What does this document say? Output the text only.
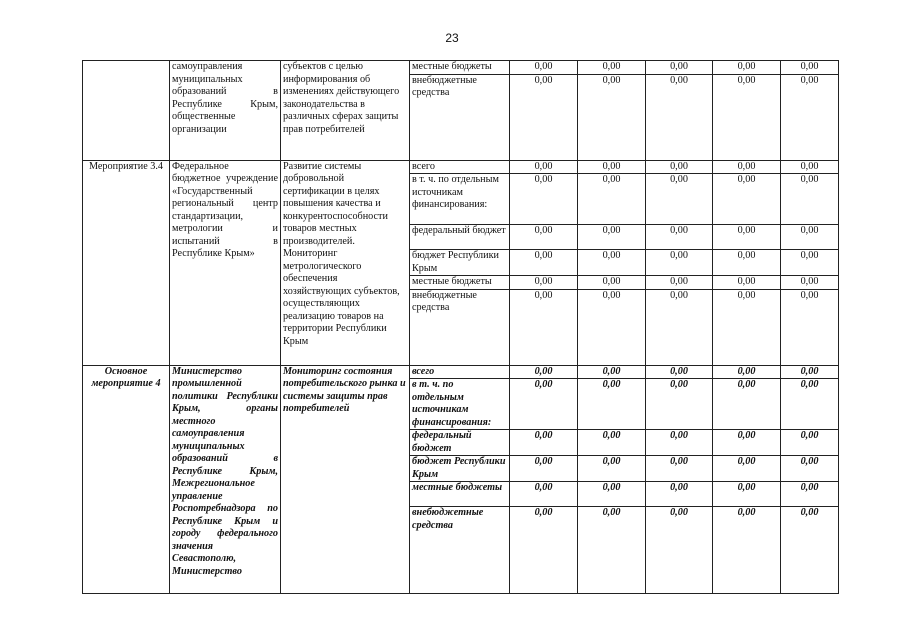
23
	самоуправления муниципальных образований в Республике Крым, общественные организации	субъектов с целью информирования об изменениях действующего законодательства в различных сферах защиты прав потребителей	местные бюджеты	0,00	0,00	0,00	0,00	0,00
			внебюджетные средства	0,00	0,00	0,00	0,00	0,00
Мероприятие 3.4	Федеральное бюджетное учреждение «Государственный региональный центр стандартизации, метрологии и испытаний в Республике Крым»	Развитие системы добровольной сертификации в целях повышения качества и конкурентоспособности товаров местных производителей. Мониторинг метрологического обеспечения хозяйствующих субъектов, осуществляющих реализацию товаров на территории Республики Крым	всего	0,00	0,00	0,00	0,00	0,00
			в т. ч. по отдельным источникам финансирования:	0,00	0,00	0,00	0,00	0,00
			федеральный бюджет	0,00	0,00	0,00	0,00	0,00
			бюджет Республики Крым	0,00	0,00	0,00	0,00	0,00
			местные бюджеты	0,00	0,00	0,00	0,00	0,00
			внебюджетные средства	0,00	0,00	0,00	0,00	0,00
Основное мероприятие 4	Министерство промышленной политики Республики Крым, органы местного самоуправления муниципальных образований в Республике Крым, Межрегиональное управление Роспотребнадзора по Республике Крым и городу федерального значения Севастополю, Министерство	Мониторинг состояния потребительского рынка и системы защиты прав потребителей	всего	0,00	0,00	0,00	0,00	0,00
			в т. ч. по отдельным источникам финансирования:	0,00	0,00	0,00	0,00	0,00
			федеральный бюджет	0,00	0,00	0,00	0,00	0,00
			бюджет Республики Крым	0,00	0,00	0,00	0,00	0,00
			местные бюджеты	0,00	0,00	0,00	0,00	0,00
			внебюджетные средства	0,00	0,00	0,00	0,00	0,00
